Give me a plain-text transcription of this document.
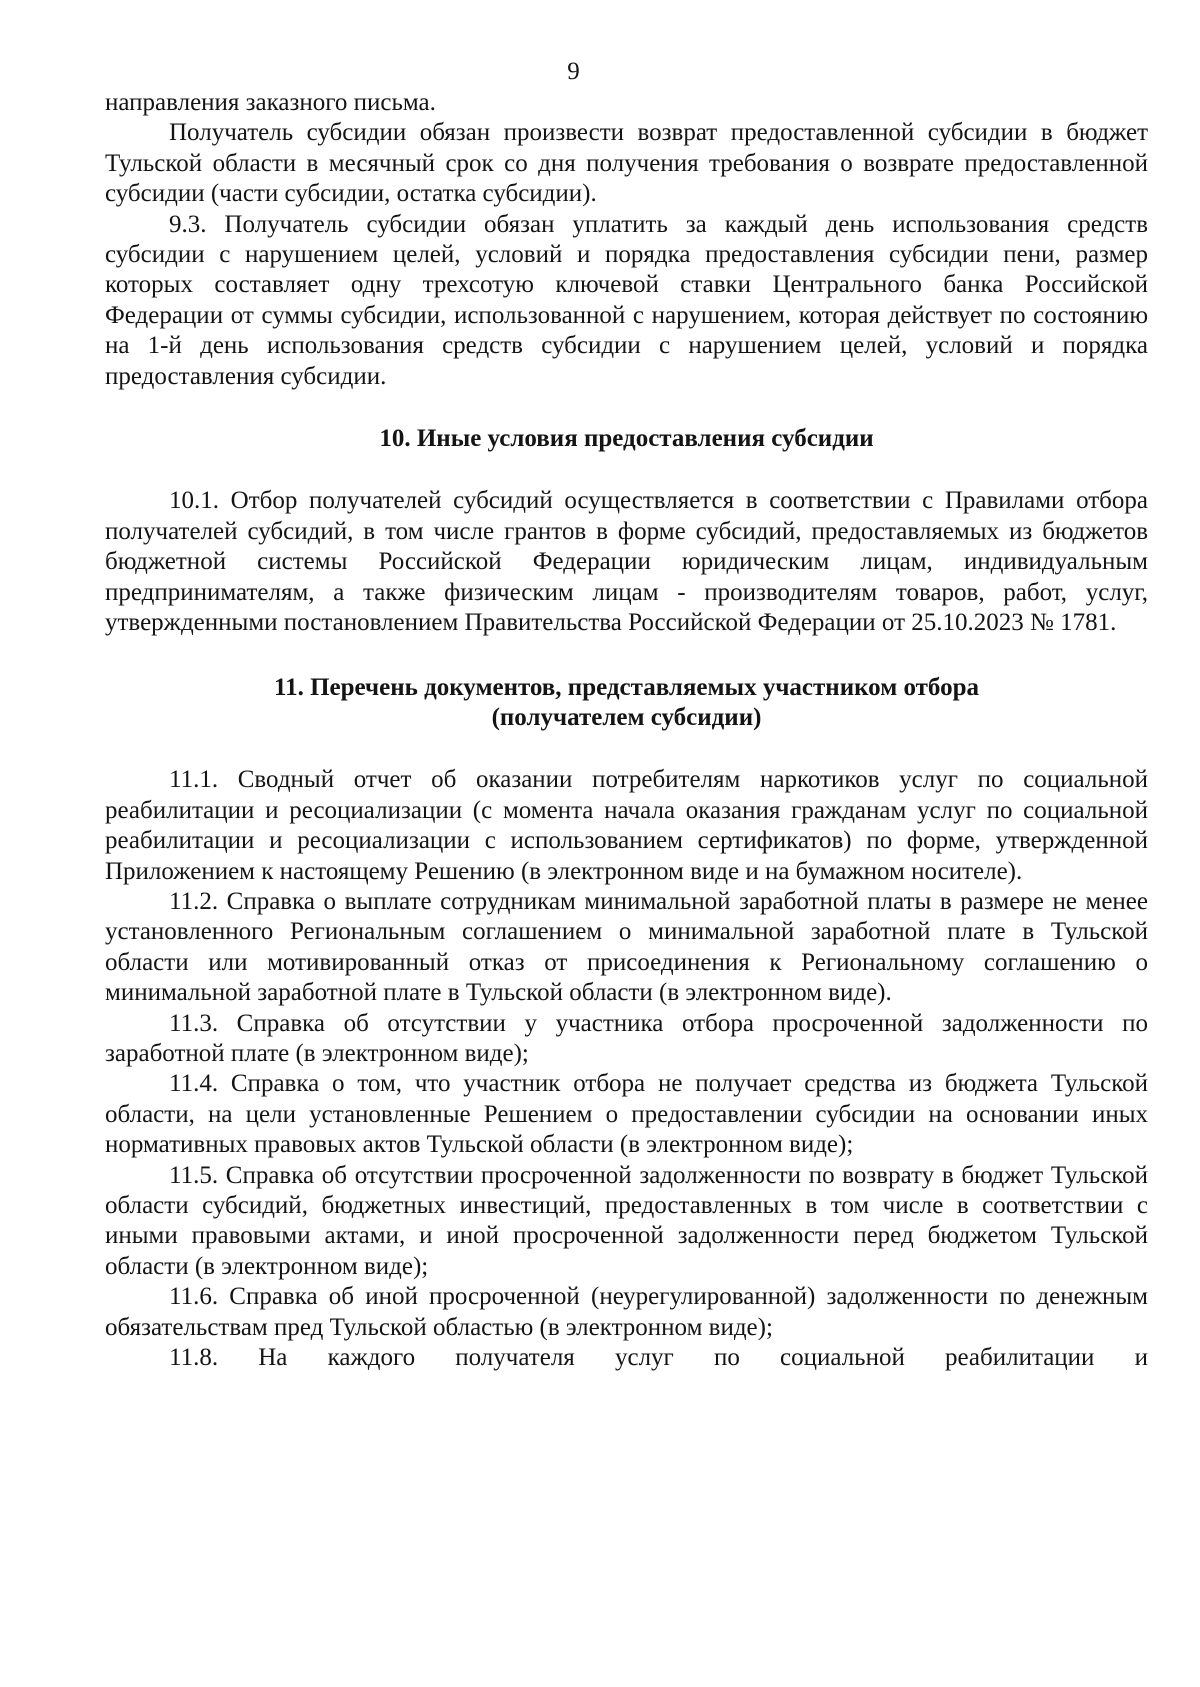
9

направления заказного письма.

Получатель субсидии обязан произвести возврат предоставленной субсидии в бюджет Тульской области в месячный срок со дня получения требования о возврате предоставленной субсидии (части субсидии, остатка субсидии).

9.3. Получатель субсидии обязан уплатить за каждый день использования средств субсидии с нарушением целей, условий и порядка предоставления субсидии пени, размер которых составляет одну трехсотую ключевой ставки Центрального банка Российской Федерации от суммы субсидии, использованной с нарушением, которая действует по состоянию на 1-й день использования средств субсидии с нарушением целей, условий и порядка предоставления субсидии.

10. Иные условия предоставления субсидии

10.1. Отбор получателей субсидий осуществляется в соответствии с Правилами отбора получателей субсидий, в том числе грантов в форме субсидий, предоставляемых из бюджетов бюджетной системы Российской Федерации юридическим лицам, индивидуальным предпринимателям, а также физическим лицам - производителям товаров, работ, услуг, утвержденными постановлением Правительства Российской Федерации от 25.10.2023 № 1781.

11. Перечень документов, представляемых участником отбора
(получателем субсидии)

11.1. Сводный отчет об оказании потребителям наркотиков услуг по социальной реабилитации и ресоциализации (с момента начала оказания гражданам услуг по социальной реабилитации и ресоциализации с использованием сертификатов) по форме, утвержденной Приложением к настоящему Решению (в электронном виде и на бумажном носителе).

11.2. Справка о выплате сотрудникам минимальной заработной платы в размере не менее установленного Региональным соглашением о минимальной заработной плате в Тульской области или мотивированный отказ от присоединения к Региональному соглашению о минимальной заработной плате в Тульской области (в электронном виде).

11.3. Справка об отсутствии у участника отбора просроченной задолженности по заработной плате (в электронном виде);

11.4. Справка о том, что участник отбора не получает средства из бюджета Тульской области, на цели установленные Решением о предоставлении субсидии на основании иных нормативных правовых актов Тульской области (в электронном виде);

11.5. Справка об отсутствии просроченной задолженности по возврату в бюджет Тульской области субсидий, бюджетных инвестиций, предоставленных в том числе в соответствии с иными правовыми актами, и иной просроченной задолженности перед бюджетом Тульской области (в электронном виде);

11.6. Справка об иной просроченной (неурегулированной) задолженности по денежным обязательствам пред Тульской областью (в электронном виде);

11.8. На каждого получателя услуг по социальной реабилитации и
